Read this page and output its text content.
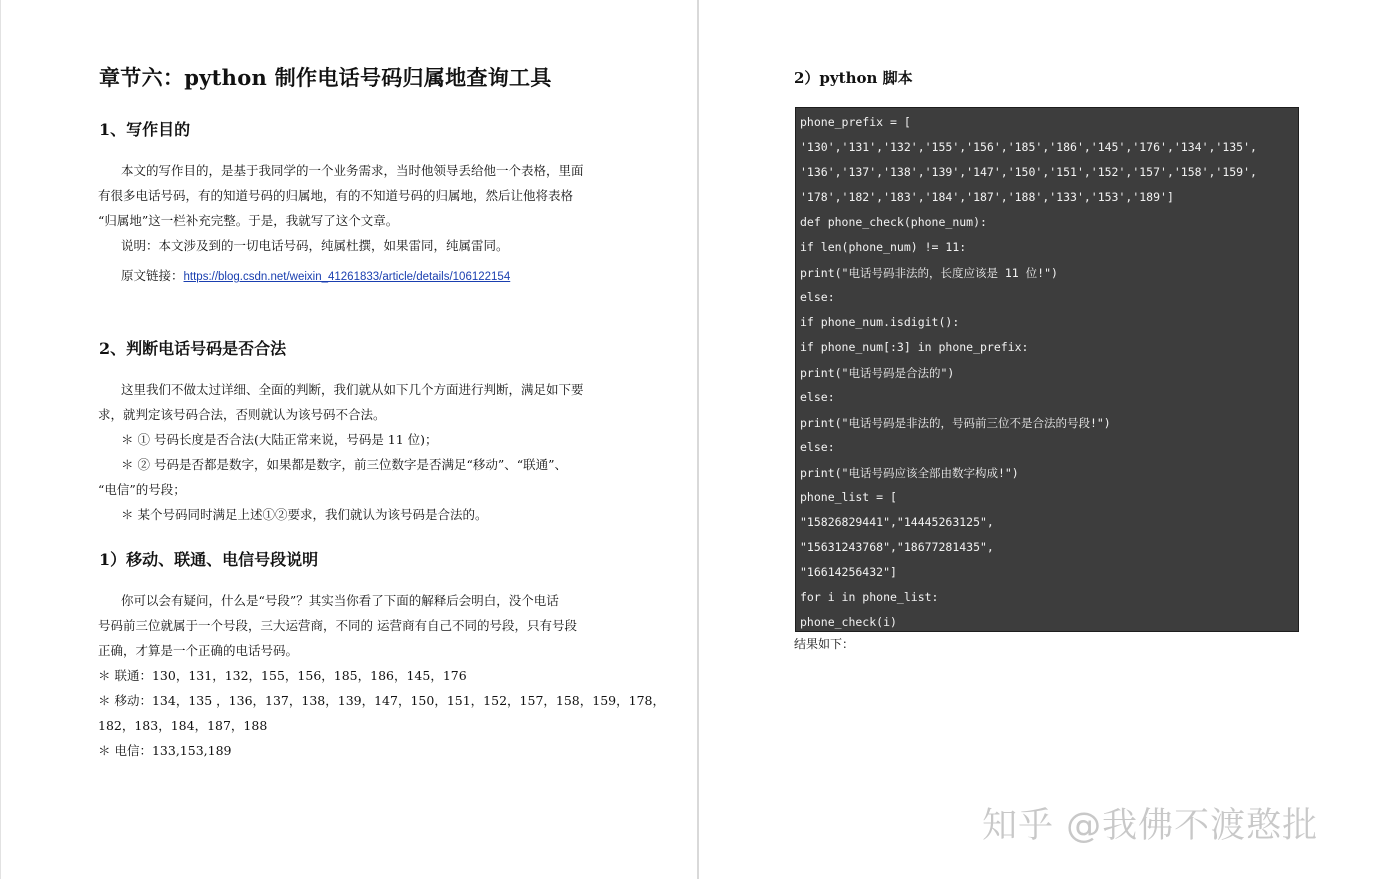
章节六：python 制作电话号码归属地查询工具
1、写作目的
本文的写作目的，是基于我同学的一个业务需求，当时他领导丢给他一个表格，里面
有很多电话号码，有的知道号码的归属地，有的不知道号码的归属地，然后让他将表格
“归属地”这一栏补充完整。于是，我就写了这个文章。
说明：本文涉及到的一切电话号码，纯属杜撰，如果雷同，纯属雷同。
原文链接：https://blog.csdn.net/weixin_41261833/article/details/106122154
2、判断电话号码是否合法
这里我们不做太过详细、全面的判断，我们就从如下几个方面进行判断，满足如下要
求，就判定该号码合法，否则就认为该号码不合法。
＊ ① 号码长度是否合法(大陆正常来说，号码是 11 位)；
＊ ② 号码是否都是数字，如果都是数字，前三位数字是否满足“移动”、“联通”、
“电信”的号段；
＊ 某个号码同时满足上述①②要求，我们就认为该号码是合法的。
1）移动、联通、电信号段说明
你可以会有疑问，什么是“号段”？其实当你看了下面的解释后会明白，没个电话
号码前三位就属于一个号段，三大运营商，不同的 运营商有自己不同的号段，只有号段
正确，才算是一个正确的电话号码。
＊ 联通：130，131，132，155，156，185，186，145，176
＊ 移动：134，135 ，136，137，138，139，147，150，151，152，157，158，159，178，
182，183，184，187，188
＊ 电信：133,153,189
2）python 脚本
phone_prefix = [
'130','131','132','155','156','185','186','145','176','134','135',
'136','137','138','139','147','150','151','152','157','158','159',
'178','182','183','184','187','188','133','153','189']
def phone_check(phone_num):
if len(phone_num) != 11:
print("电话号码非法的，长度应该是 11 位!")
else:
if phone_num.isdigit():
if phone_num[:3] in phone_prefix:
print("电话号码是合法的")
else:
print("电话号码是非法的，号码前三位不是合法的号段!")
else:
print("电话号码应该全部由数字构成!")
phone_list = [
"15826829441","14445263125",
"15631243768","18677281435",
"16614256432"]
for i in phone_list:
phone_check(i)
结果如下：
知乎 @我佛不渡憨批
